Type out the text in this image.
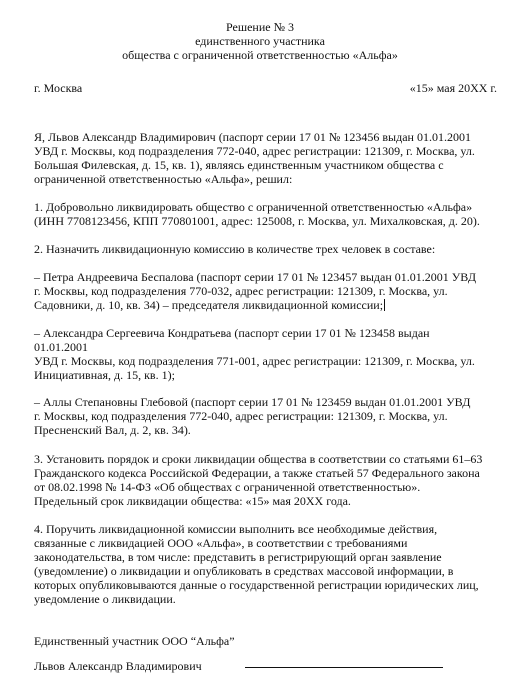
Решение № 3
единственного участника
общества с ограниченной ответственностью «Альфа»
г. Москва	«15» мая 20XX г.
Я, Львов Александр Владимирович (паспорт серии 17 01 № 123456 выдан 01.01.2001
УВД г. Москвы, код подразделения 772-040, адрес регистрации: 121309, г. Москва, ул.
Большая Филевская, д. 15, кв. 1), являясь единственным участником общества с
ограниченной ответственностью «Альфа», решил:
1. Добровольно ликвидировать общество с ограниченной ответственностью «Альфа»
(ИНН 7708123456, КПП 770801001, адрес: 125008, г. Москва, ул. Михалковская, д. 20).
2. Назначить ликвидационную комиссию в количестве трех человек в составе:
– Петра Андреевича Беспалова (паспорт серии 17 01 № 123457 выдан 01.01.2001 УВД
г. Москвы, код подразделения 770-032, адрес регистрации: 121309, г. Москва, ул.
Садовники, д. 10, кв. 34) – председателя ликвидационной комиссии;
– Александра Сергеевича Кондратьева (паспорт серии 17 01 № 123458 выдан
01.01.2001
УВД г. Москвы, код подразделения 771-001, адрес регистрации: 121309, г. Москва, ул.
Инициативная, д. 15, кв. 1);
– Аллы Степановны Глебовой (паспорт серии 17 01 № 123459 выдан 01.01.2001 УВД
г. Москвы, код подразделения 772-040, адрес регистрации: 121309, г. Москва, ул.
Пресненский Вал, д. 2, кв. 34).
3. Установить порядок и сроки ликвидации общества в соответствии со статьями 61–63
Гражданского кодекса Российской Федерации, а также статьей 57 Федерального закона
от 08.02.1998 № 14-ФЗ «Об обществах с ограниченной ответственностью».
Предельный срок ликвидации общества: «15» мая 20XX года.
4. Поручить ликвидационной комиссии выполнить все необходимые действия,
связанные с ликвидацией ООО «Альфа», в соответствии с требованиями
законодательства, в том числе: представить в регистрирующий орган заявление
(уведомление) о ликвидации и опубликовать в средствах массовой информации, в
которых опубликовываются данные о государственной регистрации юридических лиц,
уведомление о ликвидации.
Единственный участник ООО “Альфа”
Львов Александр Владимирович
